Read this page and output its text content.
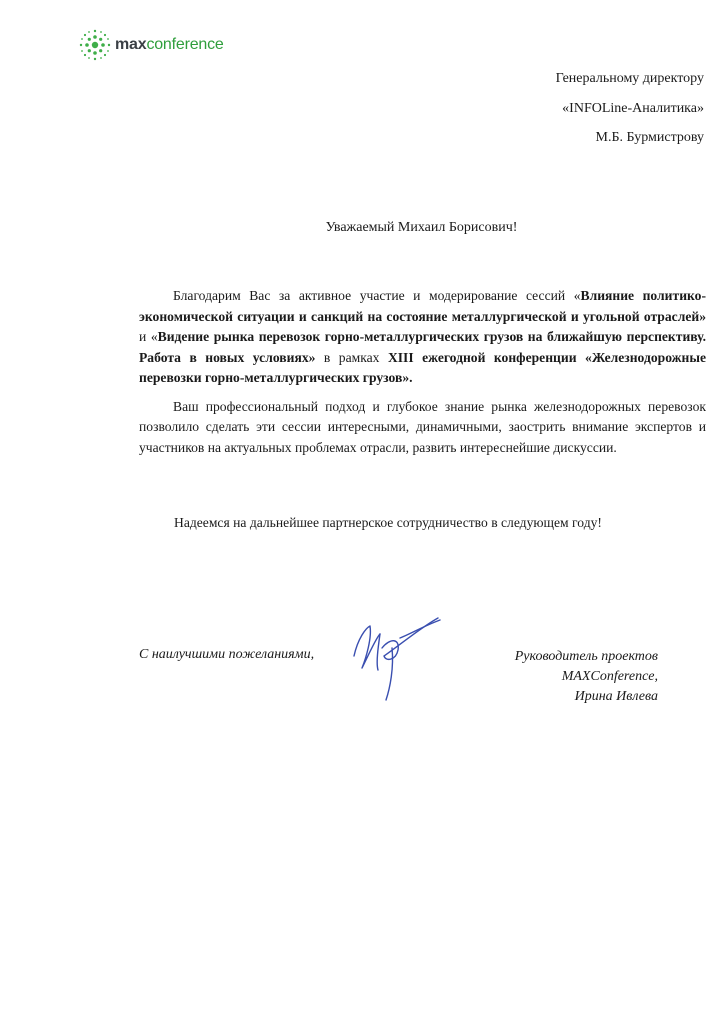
maxconference
Генеральному директору
«INFOLine-Аналитика»
М.Б. Бурмистрову
Уважаемый Михаил Борисович!

Благодарим Вас за активное участие и модерирование сессий «Влияние политико-экономической ситуации и санкций на состояние металлургической и угольной отраслей» и «Видение рынка перевозок горно-металлургических грузов на ближайшую перспективу. Работа в новых условиях» в рамках XIII ежегодной конференции «Железнодорожные перевозки горно-металлургических грузов».

Ваш профессиональный подход и глубокое знание рынка железнодорожных перевозок позволило сделать эти сессии интересными, динамичными, заострить внимание экспертов и участников на актуальных проблемах отрасли, развить интереснейшие дискуссии.

Надеемся на дальнейшее партнерское сотрудничество в следующем году!
С наилучшими пожеланиями,	Руководитель проектов
MAXConference,
Ирина Ивлева
